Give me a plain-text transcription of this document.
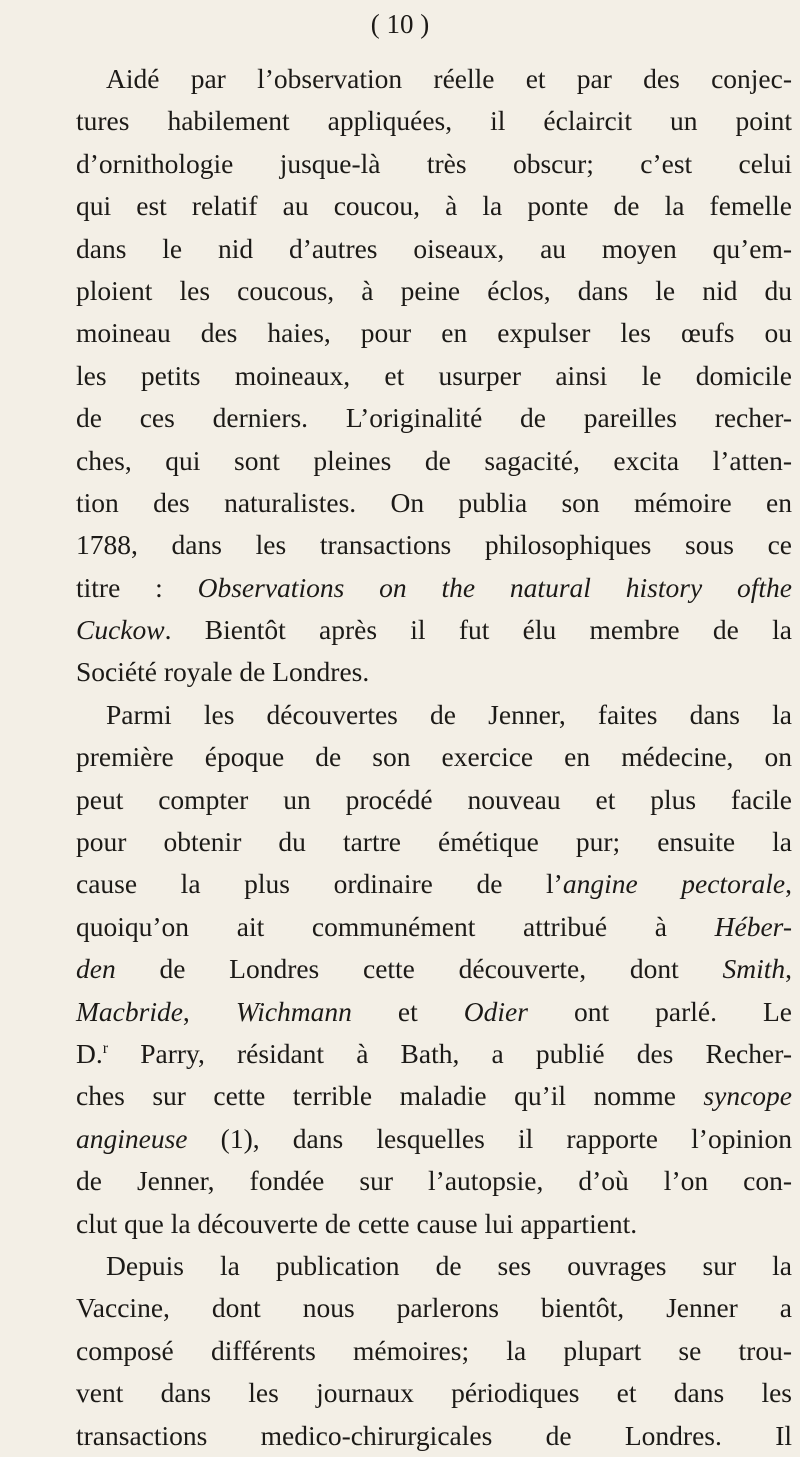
( 10 )
Aidé par l’observation réelle et par des conjec-
tures habilement appliquées, il éclaircit un point
d’ornithologie jusque-là très obscur; c’est celui
qui est relatif au coucou, à la ponte de la femelle
dans le nid d’autres oiseaux, au moyen qu’em-
ploient les coucous, à peine éclos, dans le nid du
moineau des haies, pour en expulser les œufs ou
les petits moineaux, et usurper ainsi le domicile
de ces derniers. L’originalité de pareilles recher-
ches, qui sont pleines de sagacité, excita l’atten-
tion des naturalistes. On publia son mémoire en
1788, dans les transactions philosophiques sous ce
titre : Observations on the natural history ofthe
Cuckow. Bientôt après il fut élu membre de la
Société royale de Londres.
Parmi les découvertes de Jenner, faites dans la
première époque de son exercice en médecine, on
peut compter un procédé nouveau et plus facile
pour obtenir du tartre émétique pur; ensuite la
cause la plus ordinaire de l’angine pectorale,
quoiqu’on ait communément attribué à Héber-
den de Londres cette découverte, dont Smith,
Macbride, Wichmann et Odier ont parlé. Le
D.$^r$ Parry, résidant à Bath, a publié des Recher-
ches sur cette terrible maladie qu’il nomme syncope
angineuse (1), dans lesquelles il rapporte l’opinion
de Jenner, fondée sur l’autopsie, d’où l’on con-
clut que la découverte de cette cause lui appartient.
Depuis la publication de ses ouvrages sur la
Vaccine, dont nous parlerons bientôt, Jenner a
composé différents mémoires; la plupart se trou-
vent dans les journaux périodiques et dans les
transactions medico-chirurgicales de Londres. Il
